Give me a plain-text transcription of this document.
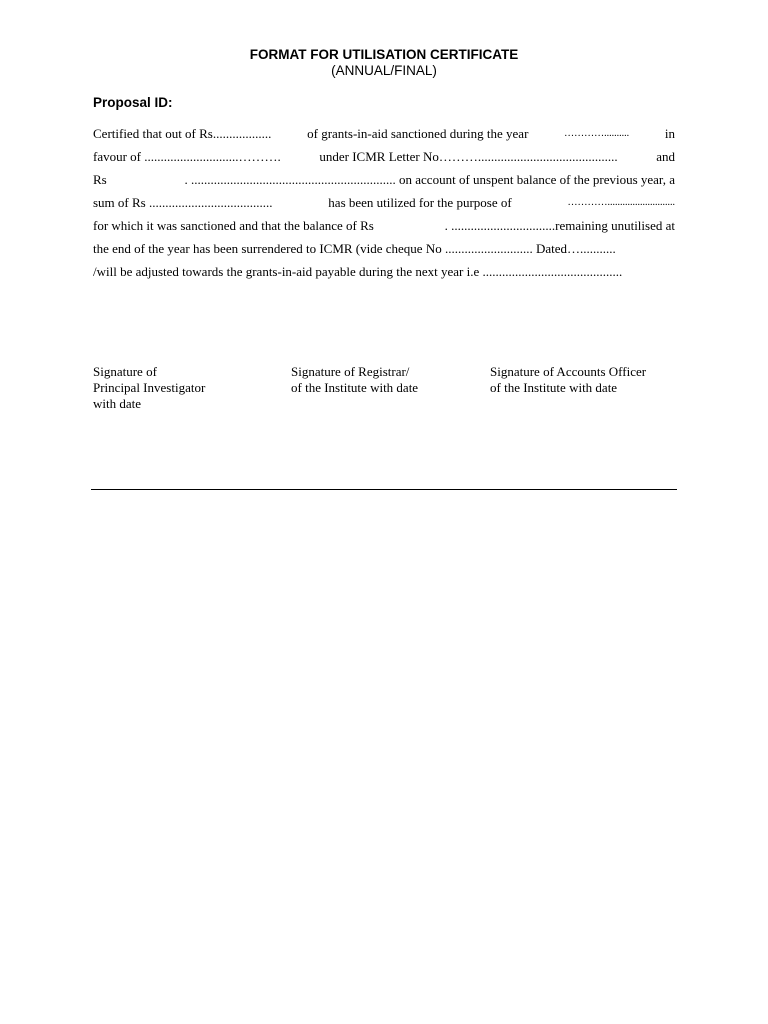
FORMAT FOR UTILISATION CERTIFICATE
(ANNUAL/FINAL)
Proposal ID:
Certified that out of Rs..................	of grants-in-aid sanctioned during the year	…………..........	in
favour of .............................……….	under ICMR Letter No………...........................................	and
Rs	. ............................................................... on account of unspent balance of the previous year, a
sum of Rs ......................................	has been utilized for the purpose of	…………...........................
for which it was sanctioned and that the balance of Rs	. ................................remaining unutilised at
the end of the year has been surrendered to ICMR (vide cheque No ........................... Dated…...........
/will be adjusted towards the grants-in-aid payable during the next year i.e ...........................................
Signature of
Principal Investigator
with date
Signature of Registrar/
of the Institute with date
Signature of Accounts Officer
of the Institute with date
